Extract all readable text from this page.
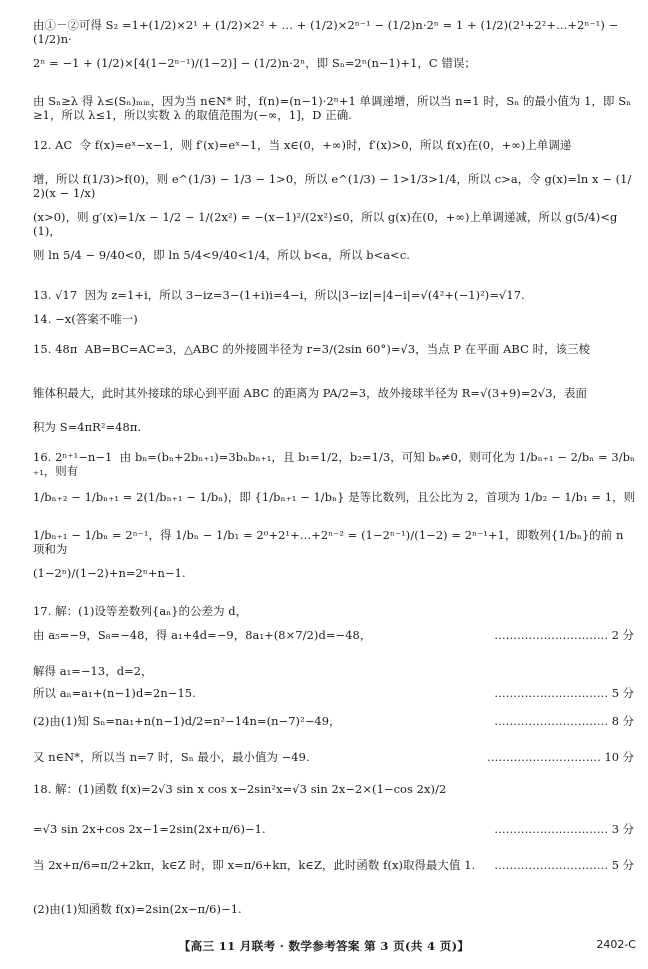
由①－②可得 S₂ =1+(1/2)×2¹ + (1/2)×2² + … + (1/2)×2ⁿ⁻¹ − (1/2)n·2ⁿ = 1 + (1/2)(2¹+2²+…+2ⁿ⁻¹) − (1/2)n·

2ⁿ = −1 + (1/2)×[4(1−2ⁿ⁻¹)/(1−2)] − (1/2)n·2ⁿ，即 Sₙ=2ⁿ(n−1)+1，C 错误；

由 Sₙ≥λ 得 λ≤(Sₙ)ₘᵢₙ，因为当 n∈N* 时，f(n)=(n−1)·2ⁿ+1 单调递增，所以当 n=1 时，Sₙ 的最小值为 1，即 Sₙ≥1，所以 λ≤1，所以实数 λ 的取值范围为(−∞，1]，D 正确.

12. AC  令 f(x)=eˣ−x−1，则 f′(x)=eˣ−1，当 x∈(0，+∞)时，f′(x)>0，所以 f(x)在(0，+∞)上单调递

增，所以 f(1/3)>f(0)，则 e^(1/3) − 1/3 − 1>0，所以 e^(1/3) − 1>1/3>1/4，所以 c>a，令 g(x)=ln x − (1/2)(x − 1/x)

(x>0)，则 g′(x)=1/x − 1/2 − 1/(2x²) = −(x−1)²/(2x²)≤0，所以 g(x)在(0，+∞)上单调递减，所以 g(5/4)<g(1)，

则 ln 5/4 − 9/40<0，即 ln 5/4<9/40<1/4，所以 b<a，所以 b<a<c.

13. √17  因为 z=1+i，所以 3−iz=3−(1+i)i=4−i，所以|3−iz|=|4−i|=√(4²+(−1)²)=√17.

14. −x(答案不唯一)

15. 48π  AB=BC=AC=3，△ABC 的外接圆半径为 r=3/(2sin 60°)=√3，当点 P 在平面 ABC 时，该三棱

锥体积最大，此时其外接球的球心到平面 ABC 的距离为 PA/2=3，故外接球半径为 R=√(3+9)=2√3，表面

积为 S=4πR²=48π.

16. 2ⁿ⁺¹−n−1  由 bₙ=(bₙ+2bₙ₊₁)=3bₙbₙ₊₁，且 b₁=1/2，b₂=1/3，可知 bₙ≠0，则可化为 1/bₙ₊₁ − 2/bₙ = 3/bₙ₊₁，则有

1/bₙ₊₂ − 1/bₙ₊₁ = 2(1/bₙ₊₁ − 1/bₙ)，即 {1/bₙ₊₁ − 1/bₙ} 是等比数列，且公比为 2，首项为 1/b₂ − 1/b₁ = 1，则

1/bₙ₊₁ − 1/bₙ = 2ⁿ⁻¹，得 1/bₙ − 1/b₁ = 2⁰+2¹+…+2ⁿ⁻² = (1−2ⁿ⁻¹)/(1−2) = 2ⁿ⁻¹+1，即数列{1/bₙ}的前 n 项和为

(1−2ⁿ)/(1−2)+n=2ⁿ+n−1.

17. 解：(1)设等差数列{aₙ}的公差为 d，

由 a₅=−9，S₈=−48，得 a₁+4d=−9，8a₁+(8×7/2)d=−48，

解得 a₁=−13，d=2，

所以 aₙ=a₁+(n−1)d=2n−15.

(2)由(1)知 Sₙ=na₁+n(n−1)d/2=n²−14n=(n−7)²−49，

又 n∈N*，所以当 n=7 时，Sₙ 最小，最小值为 −49.

18. 解：(1)函数 f(x)=2√3 sin x cos x−2sin²x=√3 sin 2x−2×(1−cos 2x)/2

=√3 sin 2x+cos 2x−1=2sin(2x+π/6)−1.

当 2x+π/6=π/2+2kπ，k∈Z 时，即 x=π/6+kπ，k∈Z，此时函数 f(x)取得最大值 1.

(2)由(1)知函数 f(x)=2sin(2x−π/6)−1.

………………………… 2 分

………………………… 5 分

………………………… 8 分

………………………… 10 分

………………………… 3 分

………………………… 5 分

【高三 11 月联考 · 数学参考答案 第 3 页(共 4 页)】	2402-C
